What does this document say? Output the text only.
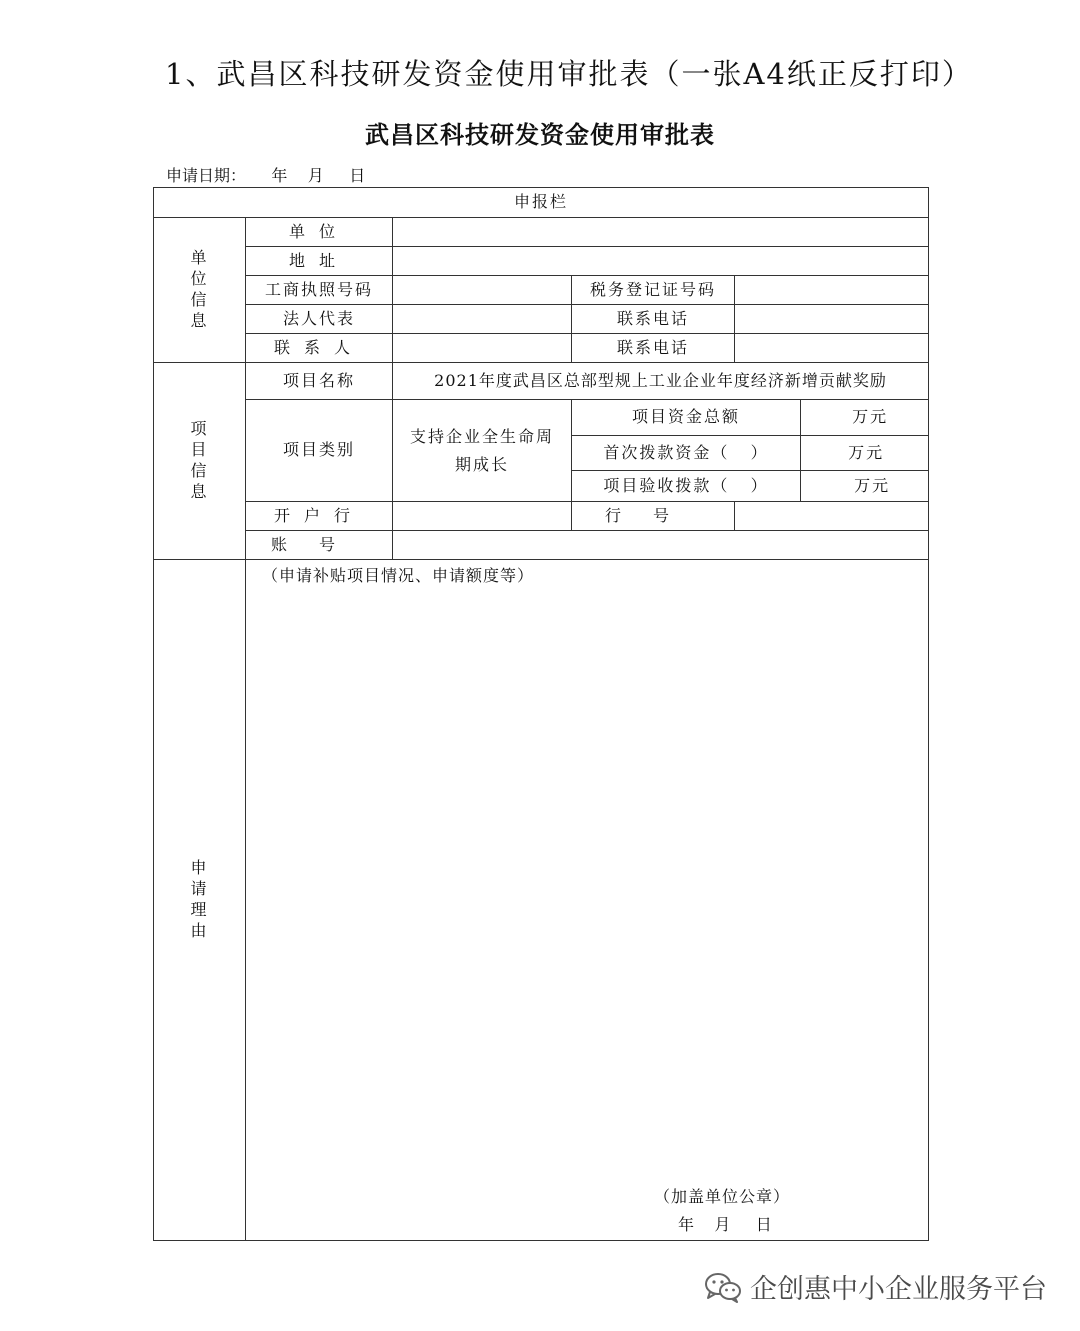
1、武昌区科技研发资金使用审批表（一张A4纸正反打印）
武昌区科技研发资金使用审批表
申请日期：     年    月     日
申报栏					
单位信息	单位				
	地址				
	工商执照号码		税务登记证号码		
	法人代表		联系电话		
	联系人		联系电话		
项目信息	项目名称	2021年度武昌区总部型规上工业企业年度经济新增贡献奖励			
	项目类别	支持企业全生命周期成长	项目资金总额		万元
			首次拨款资金（   ）		万元
			项目验收拨款（   ）		万元
	开户行		行号		
	账号				
申请理由	（申请补贴项目情况、申请额度等）
（加盖单位公章）
年    月     日				
企创惠中小企业服务平台
